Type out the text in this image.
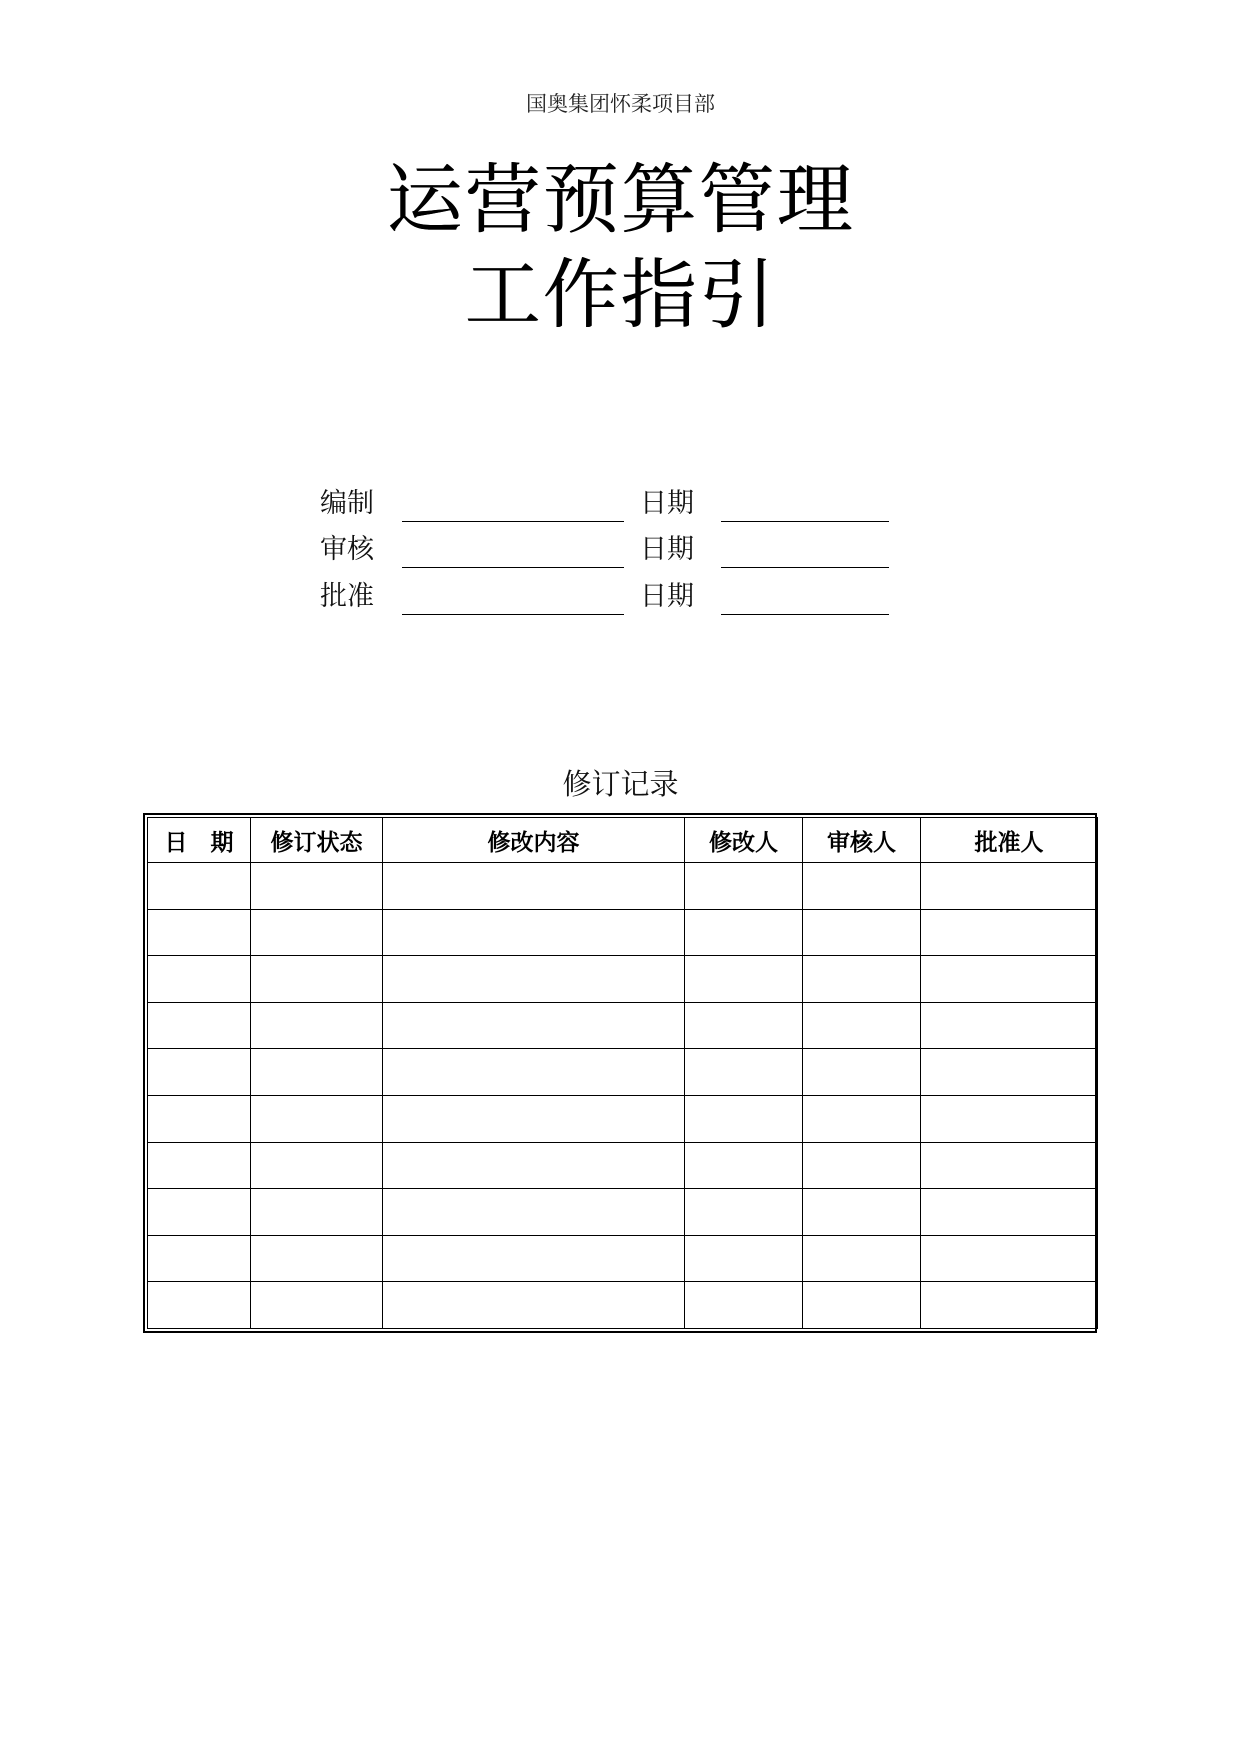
国奥集团怀柔项目部
运营预算管理
工作指引
编制	日期
审核	日期
批准	日期
修订记录
日　期	修订状态	修改内容	修改人	审核人	批准人
